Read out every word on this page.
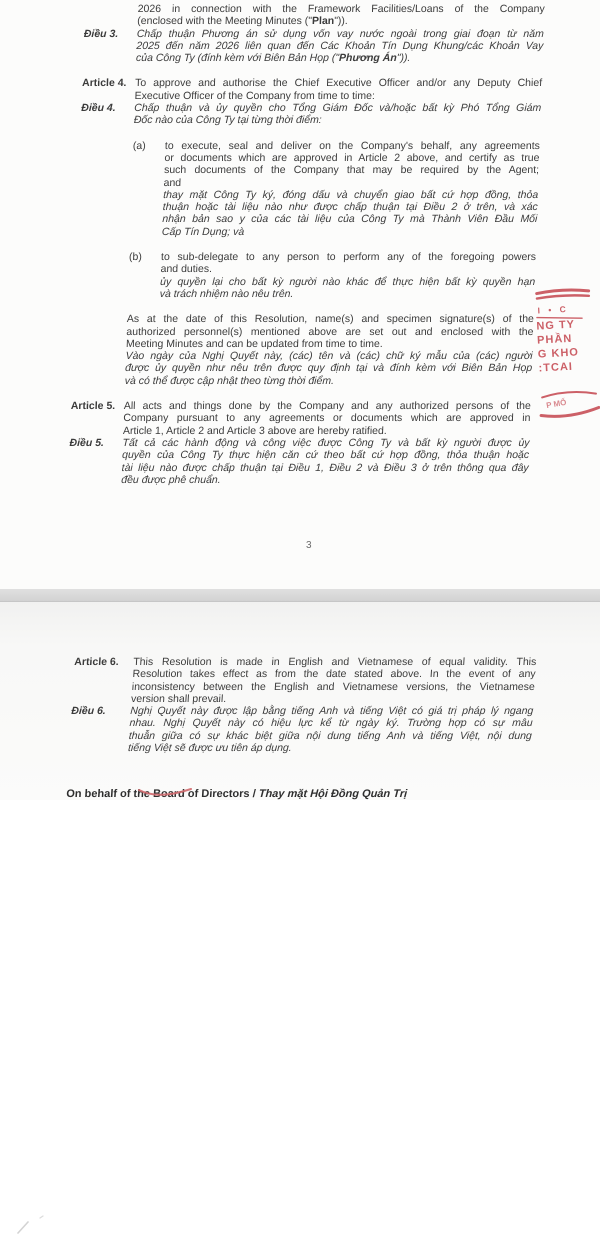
2026 in connection with the Framework Facilities/Loans of the Company
(enclosed with the Meeting Minutes ("Plan")).
Điều 3.	Chấp thuận Phương án sử dụng vốn vay nước ngoài trong giai đoạn từ năm
2025 đến năm 2026 liên quan đến Các Khoản Tín Dụng Khung/các Khoản Vay
của Công Ty (đính kèm với Biên Bản Họp ("Phương Án")).
Article 4. To approve and authorise the Chief Executive Officer and/or any Deputy Chief
Executive Officer of the Company from time to time:
Điều 4.	Chấp thuận và ủy quyền cho Tổng Giám Đốc và/hoặc bất kỳ Phó Tổng Giám
Đốc nào của Công Ty tại từng thời điểm:
(a)	to execute, seal and deliver on the Company's behalf, any agreements
or documents which are approved in Article 2 above, and certify as true
such documents of the Company that may be required by the Agent;
and
thay mặt Công Ty ký, đóng dấu và chuyển giao bất cứ hợp đồng, thỏa
thuận hoặc tài liệu nào như được chấp thuận tại Điều 2 ở trên, và xác
nhận bản sao y của các tài liệu của Công Ty mà Thành Viên Đầu Mối
Cấp Tín Dụng; và
(b)	to sub-delegate to any person to perform any of the foregoing powers
and duties.
ủy quyền lại cho bất kỳ người nào khác để thực hiện bất kỳ quyền hạn
và trách nhiệm nào nêu trên.
As at the date of this Resolution, name(s) and specimen signature(s) of the
authorized personnel(s) mentioned above are set out and enclosed with the
Meeting Minutes and can be updated from time to time.
Vào ngày của Nghị Quyết này, (các) tên và (các) chữ ký mẫu của (các) người
được ủy quyền như nêu trên được quy định tại và đính kèm với Biên Bản Họp
và có thể được cập nhật theo từng thời điểm.
Article 5. All acts and things done by the Company and any authorized persons of the
Company pursuant to any agreements or documents which are approved in
Article 1, Article 2 and Article 3 above are hereby ratified.
Điều 5.	Tất cả các hành động và công việc được Công Ty và bất kỳ người được ủy
quyền của Công Ty thực hiện căn cứ theo bất cứ hợp đồng, thỏa thuận hoặc
tài liệu nào được chấp thuận tại Điều 1, Điều 2 và Điều 3 ở trên thông qua đây
đều được phê chuẩn.
3
I • C
NG TY
PHẦN
G KHO
:TCAI
P MỐ
Article 6.	This Resolution is made in English and Vietnamese of equal validity. This
Resolution takes effect as from the date stated above. In the event of any
inconsistency between the English and Vietnamese versions, the Vietnamese
version shall prevail.
Điều 6.	Nghị Quyết này được lập bằng tiếng Anh và tiếng Việt có giá trị pháp lý ngang
nhau. Nghị Quyết này có hiệu lực kể từ ngày ký. Trường hợp có sự mâu
thuẫn giữa có sự khác biệt giữa nội dung tiếng Anh và tiếng Việt, nội dung
tiếng Việt sẽ được ưu tiên áp dụng.
On behalf of the Board of Directors / Thay mặt Hội Đồng Quản Trị
